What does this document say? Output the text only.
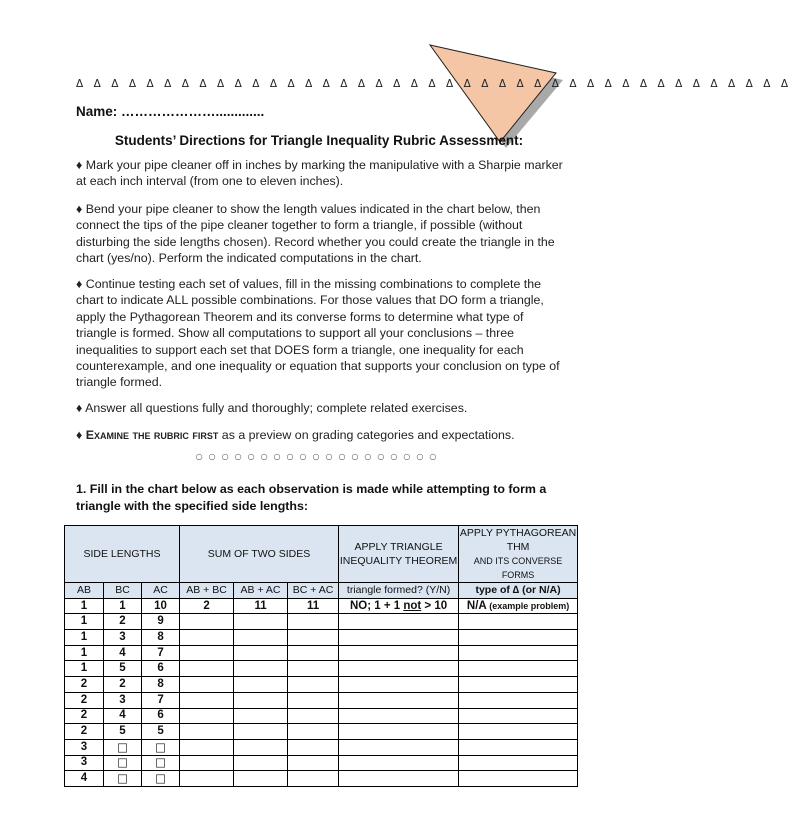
Δ Δ Δ Δ Δ Δ Δ Δ Δ Δ Δ Δ Δ Δ Δ Δ Δ Δ Δ Δ Δ Δ Δ Δ Δ Δ Δ Δ Δ Δ Δ Δ Δ Δ Δ Δ Δ Δ Δ Δ Δ
Name: ………………….............
Students’ Directions for Triangle Inequality Rubric Assessment:
♦ Mark your pipe cleaner off in inches by marking the manipulative with a Sharpie marker at each inch interval (from one to eleven inches).
♦ Bend your pipe cleaner to show the length values indicated in the chart below, then connect the tips of the pipe cleaner together to form a triangle, if possible (without disturbing the side lengths chosen). Record whether you could create the triangle in the chart (yes/no). Perform the indicated computations in the chart.
♦ Continue testing each set of values, fill in the missing combinations to complete the chart to indicate ALL possible combinations. For those values that DO form a triangle, apply the Pythagorean Theorem and its converse forms to determine what type of triangle is formed. Show all computations to support all your conclusions – three inequalities to support each set that DOES form a triangle, one inequality for each counterexample, and one inequality or equation that supports your conclusion on type of triangle formed.
♦ Answer all questions fully and thoroughly; complete related exercises.
♦ Examine the rubric first as a preview on grading categories and expectations.
○○○○○○○○○○○○○○○○○○○
1. Fill in the chart below as each observation is made while attempting to form a triangle with the specified side lengths:
SIDE LENGTHS			SUM OF TWO SIDES			APPLY TRIANGLE INEQUALITY THEOREM	APPLY PYTHAGOREAN THM
AND ITS CONVERSE FORMS
AB	BC	AC	AB + BC	AB + AC	BC + AC	triangle formed? (Y/N)	type of ∆ (or N/A)
1	1	10	2	11	11	NO; 1 + 1 not > 10	N/A (example problem)
1	2	9					
1	3	8					
1	4	7					
1	5	6					
2	2	8					
2	3	7					
2	4	6					
2	5	5					
3	□	□					
3	□	□					
4	□	□					
